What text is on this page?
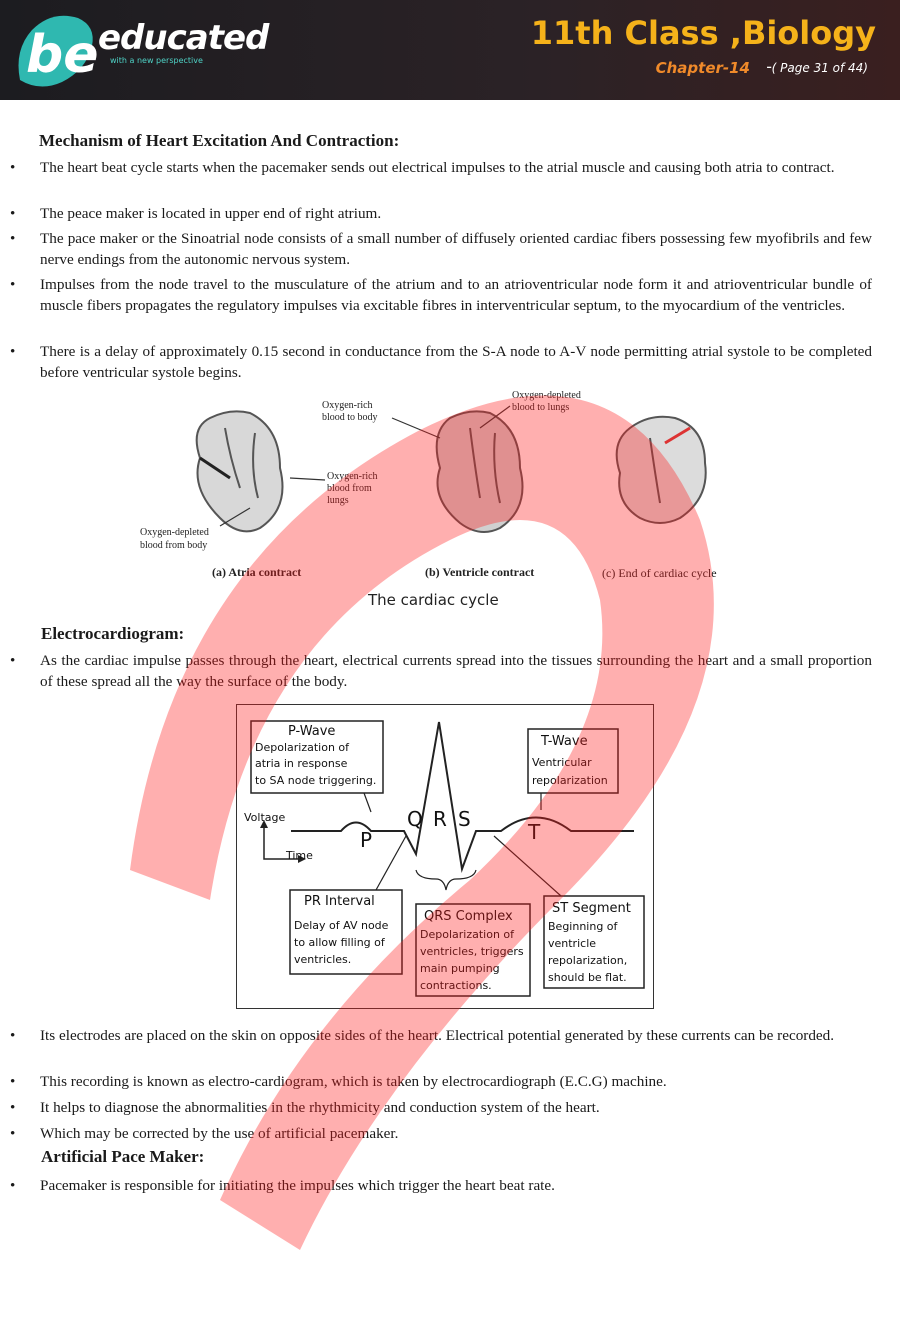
be educated
with a new perspective
11th Class ,Biology
Chapter-14 - ( Page 31 of 44)
Mechanism of Heart Excitation And Contraction:
• The heart beat cycle starts when the pacemaker sends out electrical impulses to the atrial muscle and causing both atria to contract.
• The peace maker is located in upper end of right atrium.
• The pace maker or the Sinoatrial node consists of a small number of diffusely oriented cardiac fibers possessing few myofibrils and few nerve endings from the autonomic nervous system.
• Impulses from the node travel to the musculature of the atrium and to an atrioventricular node form it and atrioventricular bundle of muscle fibers propagates the regulatory impulses via excitable fibres in interventricular septum, to the myocardium of the ventricles.
• There is a delay of approximately 0.15 second in conductance from the S-A node to A-V node permitting atrial systole to be completed before ventricular systole begins.
Oxygen-rich
blood to body
Oxygen-depleted
blood to lungs
Oxygen-rich
blood from
lungs
Oxygen-depleted
blood from body
(a) Atria contract	(b) Ventricle contract	(c) End of cardiac cycle
The cardiac cycle
Electrocardiogram:
• As the cardiac impulse passes through the heart, electrical currents spread into the tissues surrounding the heart and a small proportion of these spread all the way the surface of the body.
Voltage
Time
P
Q R S
T
P-Wave
Depolarization of
atria in response
to SA node triggering.
T-Wave
Ventricular
repolarization
PR Interval
Delay of AV node
to allow filling of
ventricles.
QRS Complex
Depolarization of
ventricles, triggers
main pumping
contractions.
ST Segment
Beginning of
ventricle
repolarization,
should be flat.
• Its electrodes are placed on the skin on opposite sides of the heart. Electrical potential generated by these currents can be recorded.
• This recording is known as electro-cardiogram, which is taken by electrocardiograph (E.C.G) machine.
• It helps to diagnose the abnormalities in the rhythmicity and conduction system of the heart.
• Which may be corrected by the use of artificial pacemaker.
Artificial Pace Maker:
• Pacemaker is responsible for initiating the impulses which trigger the heart beat rate.
